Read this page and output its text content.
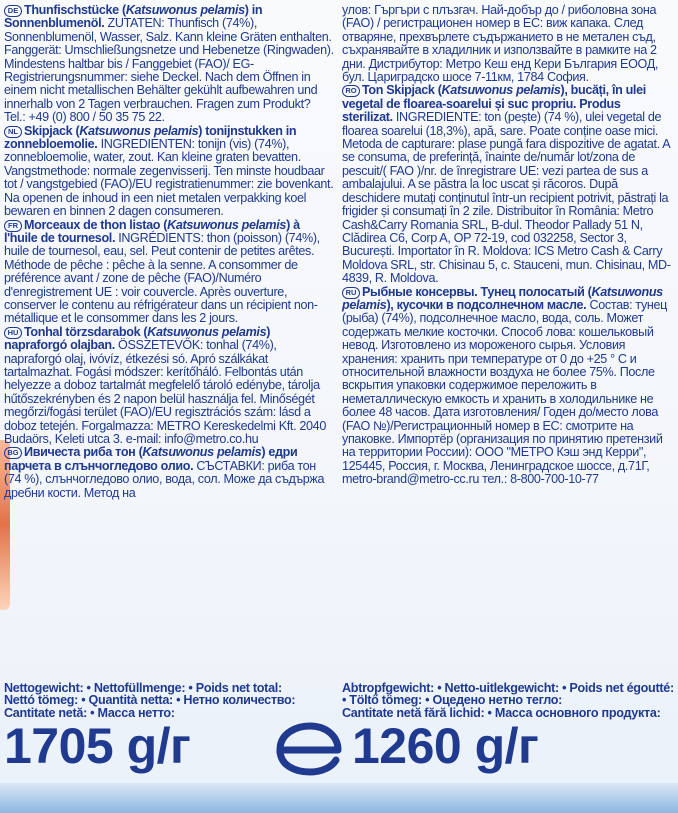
DE Thunfischstücke (Katsuwonus pelamis) in Sonnenblumenöl.

ZUTATEN: Thunfisch (74%), Sonnenblumenöl, Wasser, Salz. Kann kleine Gräten enthalten. Fanggerät: Umschließungsnetze und Hebenetze (Ringwaden). Mindestens haltbar bis / Fanggebiet (FAO)/ EG-Registrierungsnummer: siehe Deckel. Nach dem Öffnen in einem nicht metallischen Behälter gekühlt aufbewahren und innerhalb von 2 Tagen verbrauchen. Fragen zum Produkt? Tel.: +49 (0) 800 / 50 35 75 22.

NL Skipjack (Katsuwonus pelamis) tonijnstukken in zonnebloemolie.

INGREDIENTEN: tonijn (vis) (74%), zonnebloemolie, water, zout. Kan kleine graten bevatten. Vangstmethode: normale zegenvisserij. Ten minste houdbaar tot / vangstgebied (FAO)/EU registratienummer: zie bovenkant. Na openen de inhoud in een niet metalen verpakking koel bewaren en binnen 2 dagen consumeren.

FR Morceaux de thon listao (Katsuwonus pelamis) à l'huile de tournesol.

INGRÉDIENTS: thon (poisson) (74%), huile de tournesol, eau, sel. Peut contenir de petites arêtes. Méthode de pêche : pêche à la senne. A consommer de préférence avant / zone de pêche (FAO)/Numéro d'enregistrement UE : voir couvercle. Après ouverture, conserver le contenu au réfrigérateur dans un récipient non-métallique et le consommer dans les 2 jours.

HU Tonhal törzsdarabok (Katsuwonus pelamis) napraforgó olajban.

ÖSSZETEVŐK: tonhal (74%), napraforgó olaj, ivóvíz, étkezési só. Apró szálkákat tartalmazhat. Fogási módszer: kerítőháló. Felbontás után helyezze a doboz tartalmát megfelelő tároló edénybe, tárolja hűtőszekrényben és 2 napon belül használja fel. Minőségét megőrzi/fogási terület (FAO)/EU regisztrációs szám: lásd a doboz tetején. Forgalmazza: METRO Kereskedelmi Kft. 2040 Budaörs, Keleti utca 3. e-mail: info@metro.co.hu

BG Ивичеста риба тон (Katsuwonus pelamis) едри парчета в слънчогледово олио.

СЪСТАВКИ: риба тон (74 %), слънчогледово олио, вода, сол. Може да съдържа дребни кости. Метод на

улов: Гъргъри с плъзгач. Най-добър до / риболовна зона (FAO) / регистрационен номер в ЕС: виж капака. След отваряне, прехвърлете съдържанието в не метален съд, съхранявайте в хладилник и използвайте в рамките на 2 дни. Дистрибутор: Метро Кеш енд Кери България ЕООД, бул. Цариградско шосе 7-11км, 1784 София.

RO Ton Skipjack (Katsuwonus pelamis), bucăți, în ulei vegetal de floarea-soarelui și suc propriu. Produs sterilizat.

INGREDIENTE: ton (pește) (74 %), ulei vegetal de floarea soarelui (18,3%), apă, sare. Poate conține oase mici. Metoda de capturare: plase pungă fara dispozitive de agatat. A se consuma, de preferință, înainte de/număr lot/zona de pescuit/( FAO )/nr. de înregistrare UE: vezi partea de sus a ambalajului. A se păstra la loc uscat și răcoros. După deschidere mutați conținutul într-un recipient potrivit, păstrați la frigider și consumați în 2 zile. Distribuitor în România: Metro Cash&Carry Romania SRL, B-dul. Theodor Pallady 51 N, Clădirea C6, Corp A, OP 72-19, cod 032258, Sector 3, București. Importator în R. Moldova: ICS Metro Cash & Carry Moldova SRL, str. Chisinau 5, c. Stauceni, mun. Chisinau, MD-4839, R. Moldova.

RU Рыбные консервы. Тунец полосатый (Katsuwonus pelamis), кусочки в подсолнечном масле.

Состав: тунец (рыба) (74%), подсолнечное масло, вода, соль. Может содержать мелкие косточки. Способ лова: кошельковый невод. Изготовлено из мороженого сырья. Условия хранения: хранить при температуре от 0 до +25 ° С и относительной влажности воздуха не более 75%. После вскрытия упаковки содержимое переложить в неметаллическую емкость и хранить в холодильнике не более 48 часов. Дата изготовления/ Годен до/место лова (FAO №)/Регистрационный номер в ЕС: смотрите на упаковке. Импортёр (организация по принятию претензий на территории России): ООО "МЕТРО Кэш энд Керри", 125445, Россия, г. Москва, Ленинградское шоссе, д.71Г, metro-brand@metro-cc.ru тел.: 8-800-700-10-77

Nettogewicht: • Nettofüllmenge: • Poids net total:
Nettó tömeg: • Quantità netta: • Нетно количество:
Cantitate netă: • Масса нетто:
Abtropfgewicht: • Netto-uitlekgewicht: • Poids net égoutté: • Töltő tömeg: • Оцедено нетно тегло:
Cantitate netă fără lichid: • Масса основного продукта:
1705 g/г	1260 g/г
